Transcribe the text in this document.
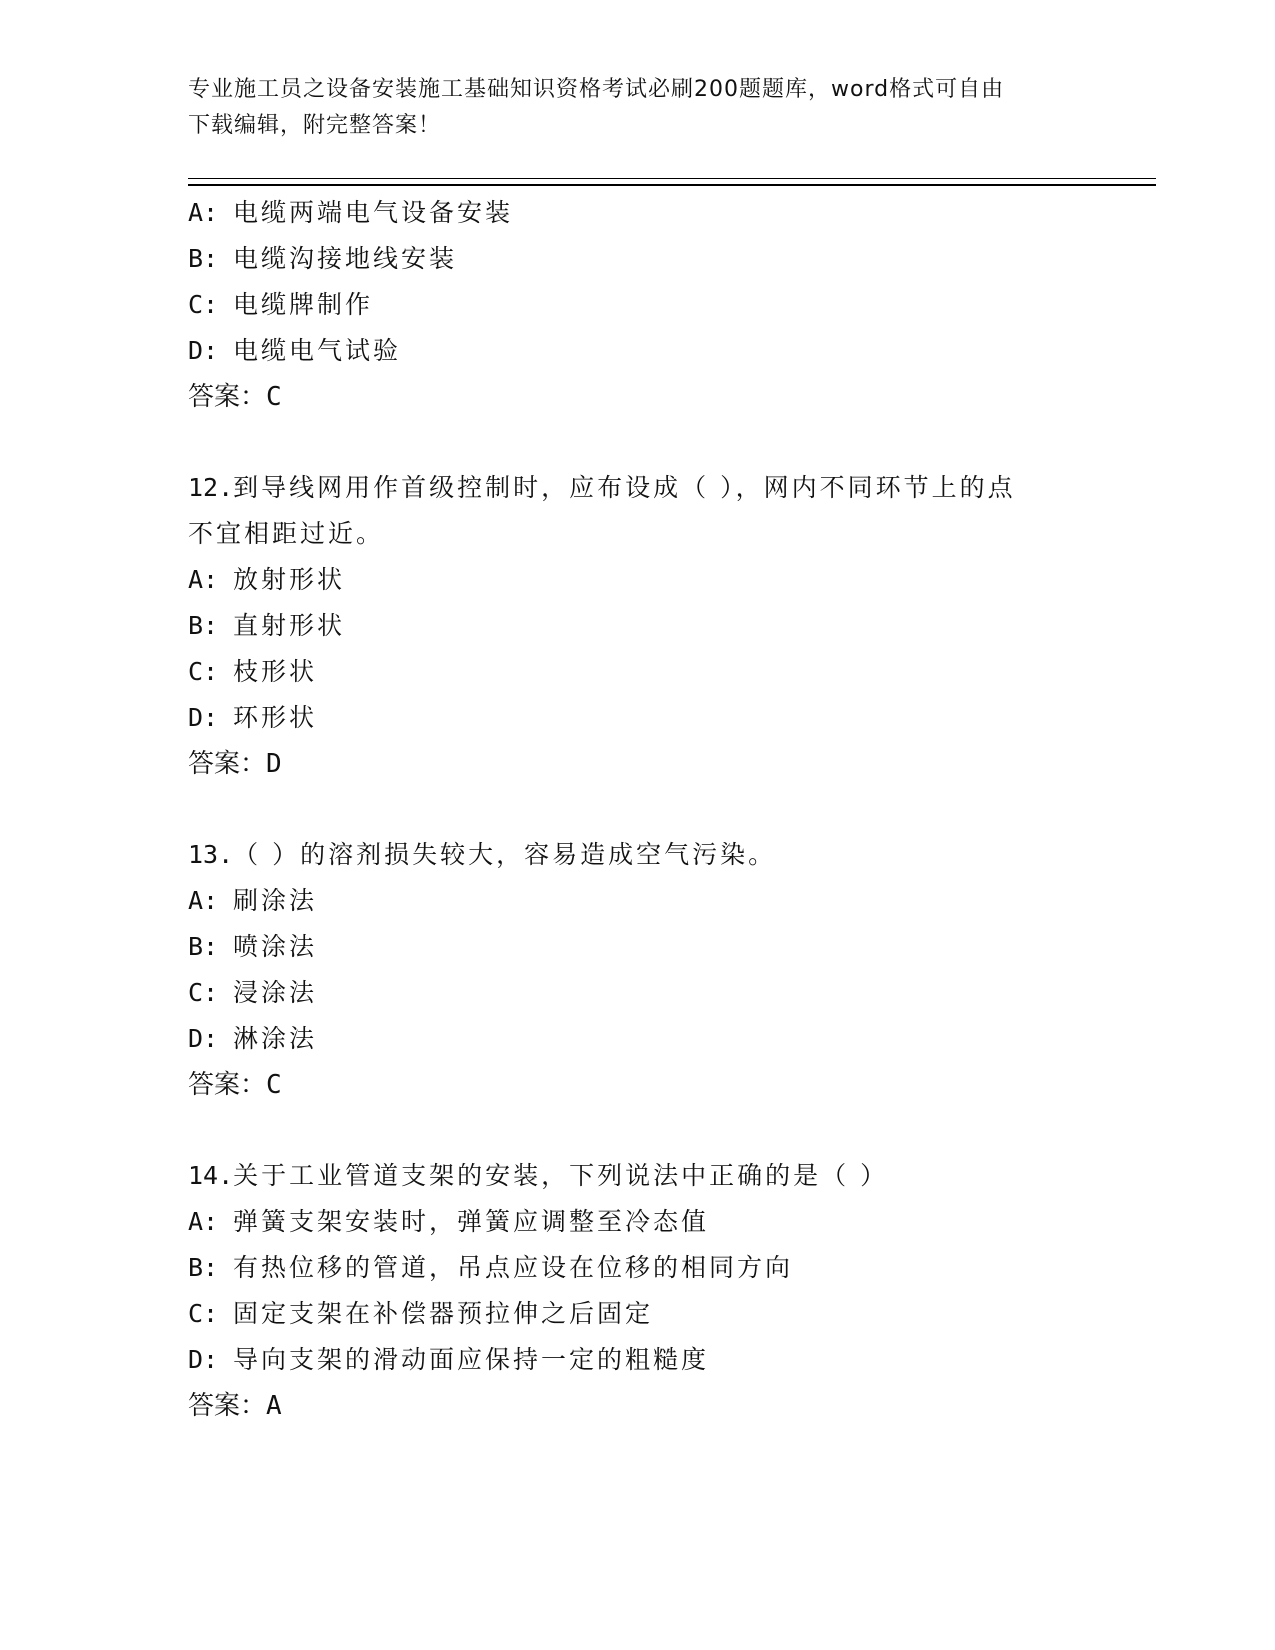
专业施工员之设备安装施工基础知识资格考试必刷200题题库，word格式可自由
下载编辑，附完整答案！
A: 电缆两端电气设备安装
B: 电缆沟接地线安装
C: 电缆牌制作
D: 电缆电气试验
答案：C
12.到导线网用作首级控制时，应布设成（ ），网内不同环节上的点
不宜相距过近。
A: 放射形状
B: 直射形状
C: 枝形状
D: 环形状
答案：D
13.（ ）的溶剂损失较大，容易造成空气污染。
A: 刷涂法
B: 喷涂法
C: 浸涂法
D: 淋涂法
答案：C
14.关于工业管道支架的安装，下列说法中正确的是（ ）
A: 弹簧支架安装时，弹簧应调整至冷态值
B: 有热位移的管道，吊点应设在位移的相同方向
C: 固定支架在补偿器预拉伸之后固定
D: 导向支架的滑动面应保持一定的粗糙度
答案：A
